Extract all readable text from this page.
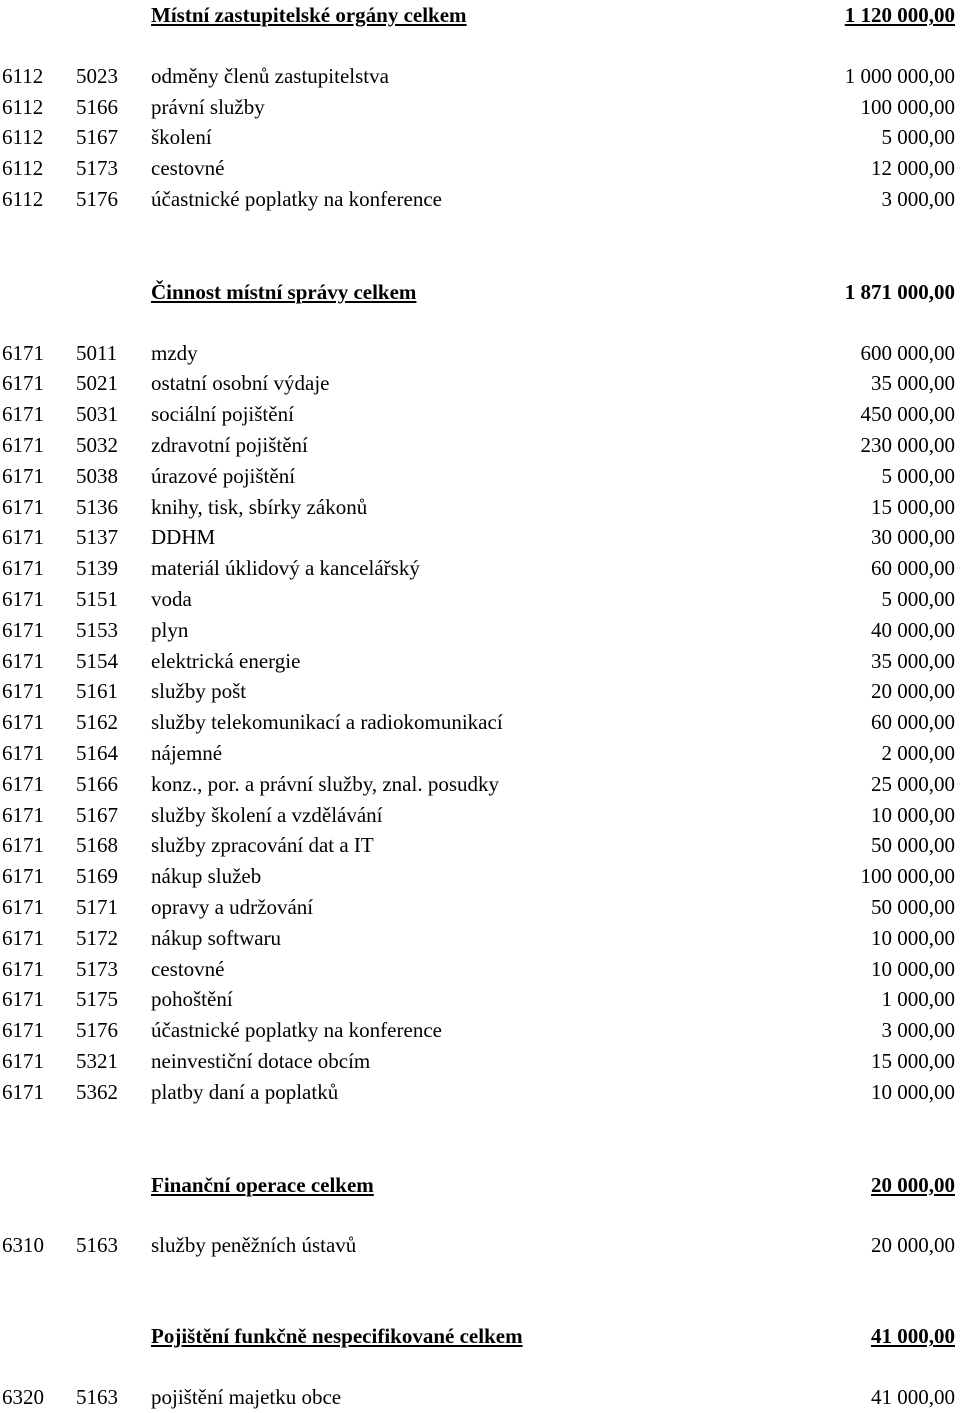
Místní zastupitelské orgány celkem	1 120 000,00
6112 5023 odměny členů zastupitelstva	1 000 000,00
6112 5166 právní služby	100 000,00
6112 5167 školení	5 000,00
6112 5173 cestovné	12 000,00
6112 5176 účastnické poplatky na konference	3 000,00
Činnost místní správy celkem	1 871 000,00
6171 5011 mzdy	600 000,00
6171 5021 ostatní osobní výdaje	35 000,00
6171 5031 sociální pojištění	450 000,00
6171 5032 zdravotní pojištění	230 000,00
6171 5038 úrazové pojištění	5 000,00
6171 5136 knihy, tisk, sbírky zákonů	15 000,00
6171 5137 DDHM	30 000,00
6171 5139 materiál úklidový a kancelářský	60 000,00
6171 5151 voda	5 000,00
6171 5153 plyn	40 000,00
6171 5154 elektrická energie	35 000,00
6171 5161 služby pošt	20 000,00
6171 5162 služby telekomunikací a radiokomunikací	60 000,00
6171 5164 nájemné	2 000,00
6171 5166 konz., por. a právní služby, znal. posudky	25 000,00
6171 5167 služby školení a vzdělávání	10 000,00
6171 5168 služby zpracování dat a IT	50 000,00
6171 5169 nákup služeb	100 000,00
6171 5171 opravy a udržování	50 000,00
6171 5172 nákup softwaru	10 000,00
6171 5173 cestovné	10 000,00
6171 5175 pohoštění	1 000,00
6171 5176 účastnické poplatky na konference	3 000,00
6171 5321 neinvestiční dotace obcím	15 000,00
6171 5362 platby daní a poplatků	10 000,00
Finanční operace celkem	20 000,00
6310 5163 služby peněžních ústavů	20 000,00
Pojištění funkčně nespecifikované celkem	41 000,00
6320 5163 pojištění majetku obce	41 000,00
